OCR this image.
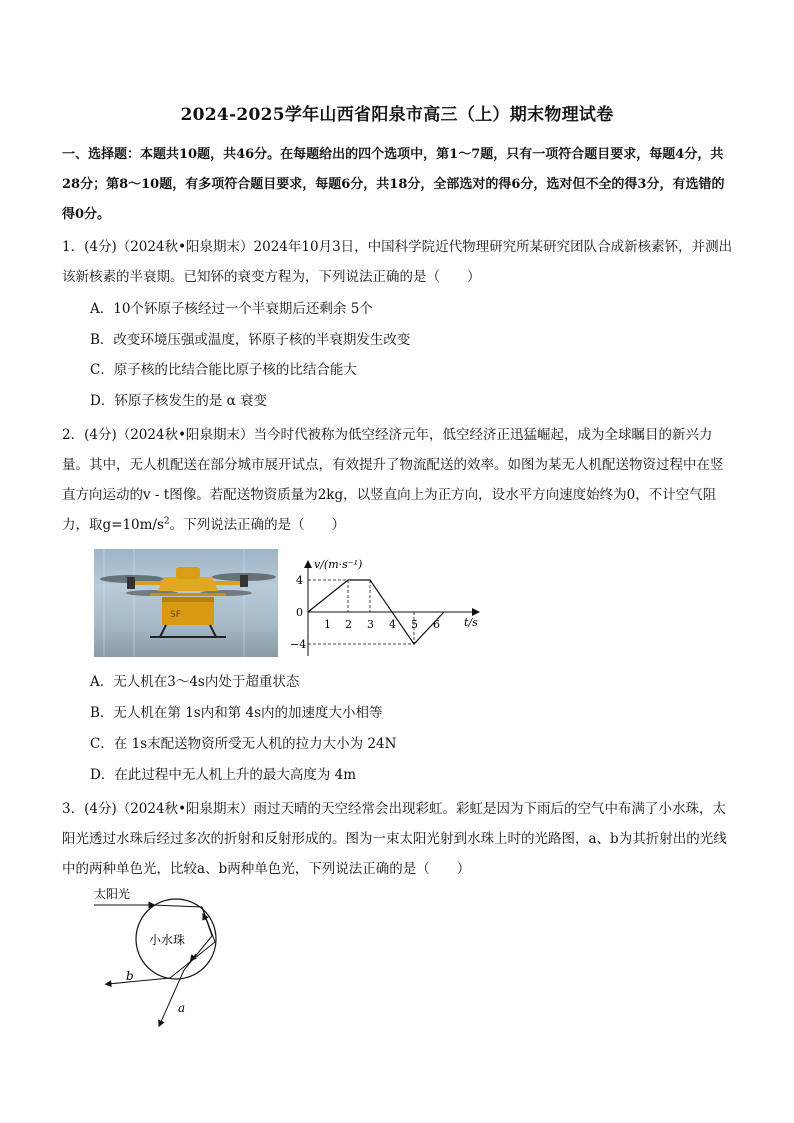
2024-2025学年山西省阳泉市高三（上）期末物理试卷
一、选择题：本题共10题，共46分。在每题给出的四个选项中，第1～7题，只有一项符合题目要求，每题4分，共28分；第8～10题，有多项符合题目要求，每题6分，共18分，全部选对的得6分，选对但不全的得3分，有选错的得0分。
1．(4分)（2024秋•阳泉期末）2024年10月3日，中国科学院近代物理研究所某研究团队合成新核素钚，并测出该新核素的半衰期。已知钚的衰变方程为，下列说法正确的是（　　）
A．10个钚原子核经过一个半衰期后还剩余 5个
B．改变环境压强或温度，钚原子核的半衰期发生改变
C．原子核的比结合能比原子核的比结合能大
D．钚原子核发生的是 α 衰变
2．(4分)（2024秋•阳泉期末）当今时代被称为低空经济元年，低空经济正迅猛崛起，成为全球瞩目的新兴力量。其中，无人机配送在部分城市展开试点，有效提升了物流配送的效率。如图为某无人机配送物资过程中在竖直方向运动的v - t图像。若配送物资质量为2kg，以竖直向上为正方向，设水平方向速度始终为0，不计空气阻力，取$g=10m/s^2$。下列说法正确的是（　　）
SF
4
0
−4
1 2 3 4 5 6
v/(m·s⁻¹)
t/s
A．无人机在3～4s内处于超重状态
B．无人机在第 1s内和第 4s内的加速度大小相等
C．在 1s末配送物资所受无人机的拉力大小为 24N
D．在此过程中无人机上升的最大高度为 4m
3．(4分)（2024秋•阳泉期末）雨过天晴的天空经常会出现彩虹。彩虹是因为下雨后的空气中布满了小水珠，太阳光透过水珠后经过多次的折射和反射形成的。图为一束太阳光射到水珠上时的光路图，a、b为其折射出的光线中的两种单色光，比较a、b两种单色光，下列说法正确的是（　　）
太阳光
小水珠
b
a
